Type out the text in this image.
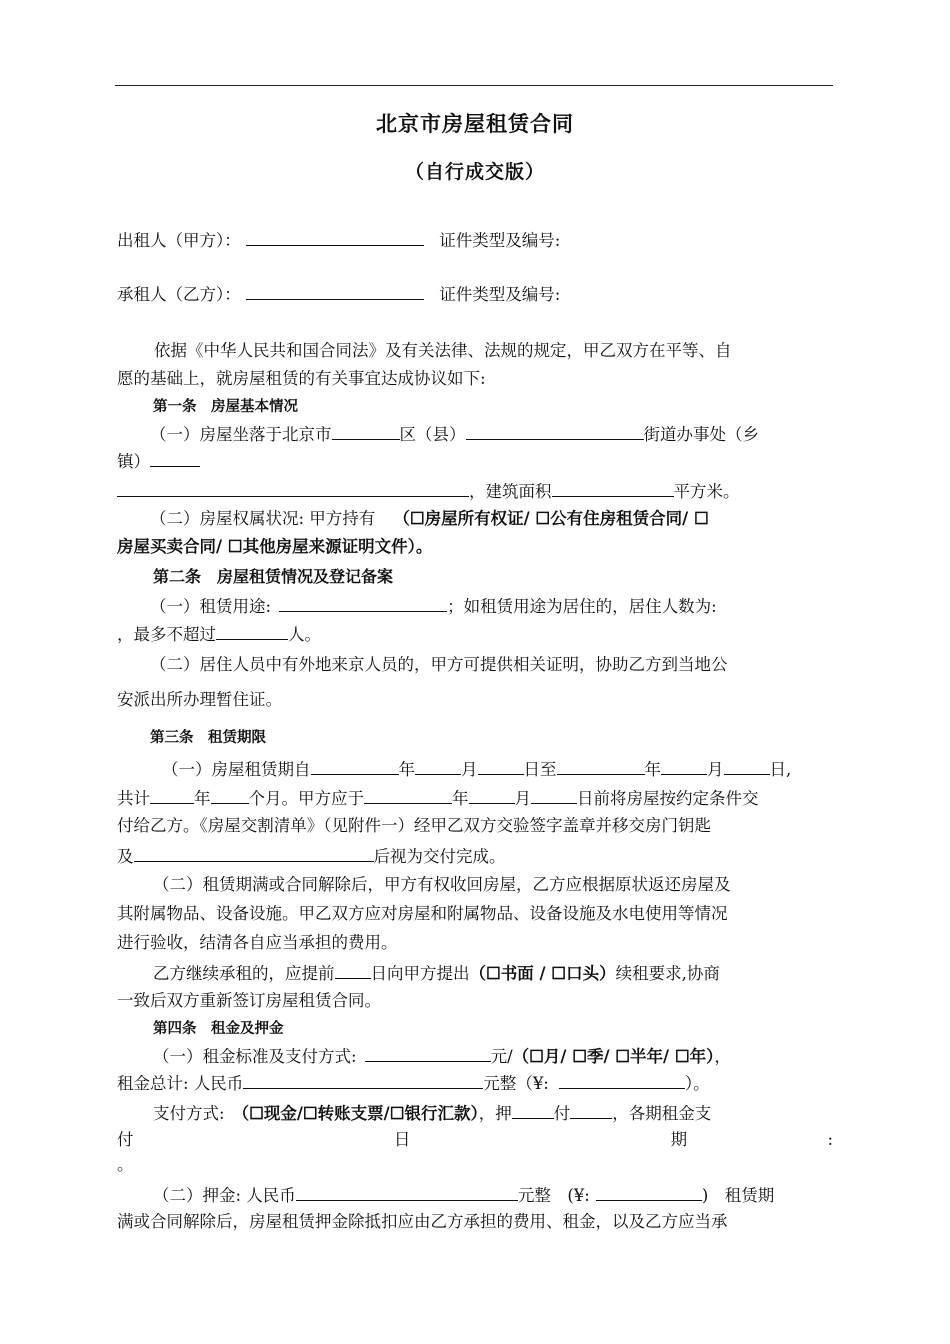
北京市房屋租赁合同
（自行成交版）
出租人（甲方）：	证件类型及编号:
承租人（乙方）：	证件类型及编号:
依据《中华人民共和国合同法》及有关法律、法规的规定，甲乙双方在平等、自
愿的基础上，就房屋租赁的有关事宜达成协议如下:
第一条　房屋基本情况
（一）房屋坐落于北京市	区（县）	街道办事处（乡
镇）
，建筑面积	平方米。
（二）房屋权属状况: 甲方持有 （☐房屋所有权证/ ☐公有住房租赁合同/ ☐
房屋买卖合同/ ☐其他房屋来源证明文件）。
第二条　房屋租赁情况及登记备案
（一）租赁用途:	；如租赁用途为居住的，居住人数为:
，最多不超过	人。
（二）居住人员中有外地来京人员的，甲方可提供相关证明，协助乙方到当地公
安派出所办理暂住证。
第三条　租赁期限
（一）房屋租赁期自	年	月	日至	年	月	日,
共计	年 个月。甲方应于	年	月	日前将房屋按约定条件交
付给乙方。《房屋交割清单》（见附件一）经甲乙双方交验签字盖章并移交房门钥匙
及	后视为交付完成。
（二）租赁期满或合同解除后，甲方有权收回房屋，乙方应根据原状返还房屋及
其附属物品、设备设施。甲乙双方应对房屋和附属物品、设备设施及水电使用等情况
进行验收，结清各自应当承担的费用。
乙方继续承租的，应提前 日向甲方提出（☐书面 / ☐口头）续租要求,协商
一致后双方重新签订房屋租赁合同。
第四条　租金及押金
（一）租金标准及支付方式:	元/（☐月/ ☐季/ ☐半年/ ☐年），
租金总计: 人民币	元整（¥:	）。
支付方式: （☐现金/☐转账支票/☐银行汇款），押	付	，各期租金支
付	日	期	:
。
（二）押金: 人民币	元整　(¥:	)　租赁期
满或合同解除后，房屋租赁押金除抵扣应由乙方承担的费用、租金，以及乙方应当承
